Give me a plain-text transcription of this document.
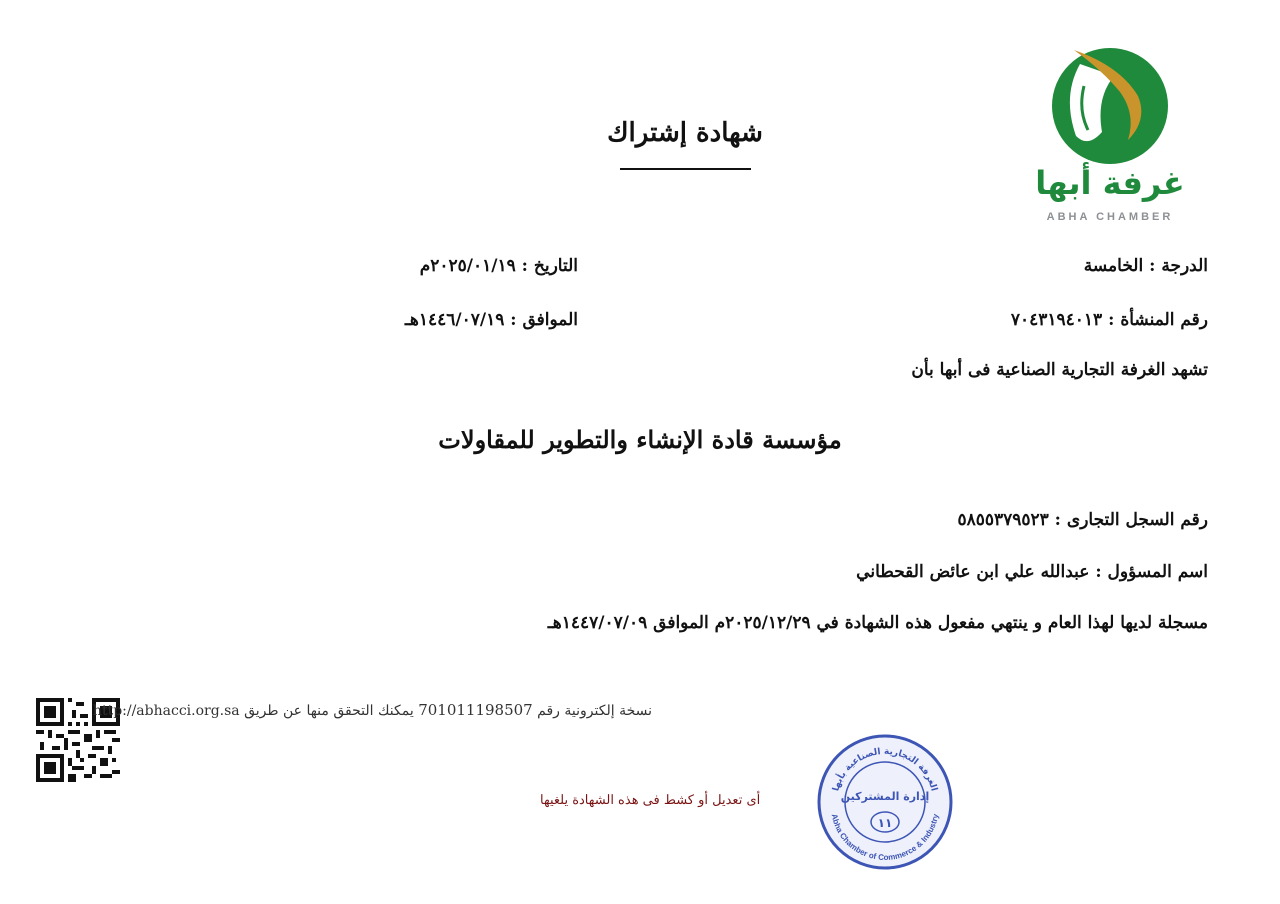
غرفة أبها
ABHA CHAMBER
شهادة إشتراك
الدرجة : الخامسة
التاريخ : ٢٠٢٥/٠١/١٩م
رقم المنشأة : ٧٠٤٣١٩٤٠١٣
الموافق : ١٤٤٦/٠٧/١٩هـ
تشهد الغرفة التجارية الصناعية فى أبها بأن
مؤسسة قادة الإنشاء والتطوير للمقاولات
رقم السجل التجارى : ٥٨٥٥٣٧٩٥٢٣
اسم المسؤول : عبدالله علي ابن عائض القحطاني
مسجلة لديها لهذا العام و ينتهي مفعول هذه الشهادة في ٢٠٢٥/١٢/٢٩م الموافق ١٤٤٧/٠٧/٠٩هـ
نسخة إلكترونية رقم 701011198507 يمكنك التحقق منها عن طريق http://abhacci.org.sa
أى تعديل أو كشط فى هذه الشهادة يلغيها
الغرفة التجارية الصناعية بأبها
Abha Chamber of Commerce & Industry
إدارة المشتركين
١١
